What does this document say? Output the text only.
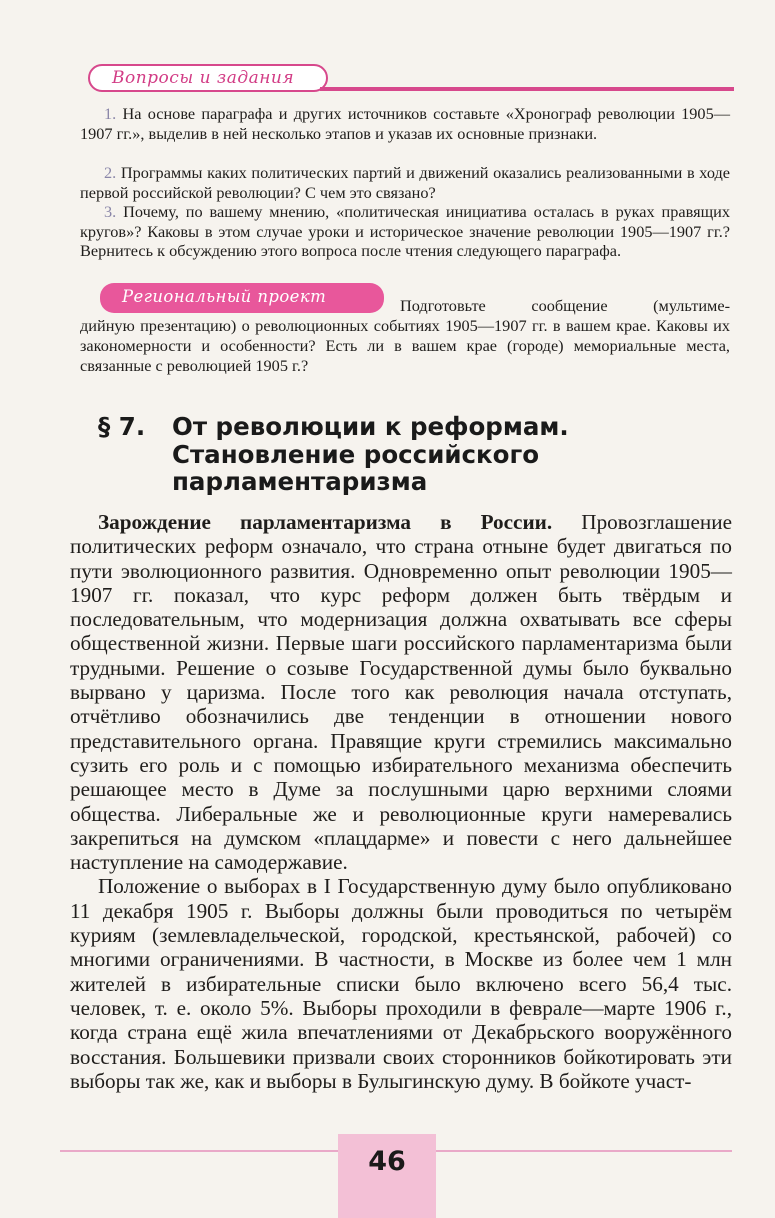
Вопросы и задания
1. На основе параграфа и других источников составьте «Хронограф революции 1905—1907 гг.», выделив в ней несколько этапов и указав их основные признаки.
2. Программы каких политических партий и движений оказались реализованными в ходе первой российской революции? С чем это связано?
3. Почему, по вашему мнению, «политическая инициатива осталась в руках правящих кругов»? Каковы в этом случае уроки и историческое значение революции 1905—1907 гг.? Вернитесь к обсуждению этого вопроса после чтения следующего параграфа.
Региональный проект	Подготовьте сообщение (мультиме-
дийную презентацию) о революционных событиях 1905—1907 гг. в вашем крае. Каковы их закономерности и особенности? Есть ли в вашем крае (городе) мемориальные места, связанные с революцией 1905 г.?
§ 7. От революции к реформам.
Становление российского
парламентаризма

Зарождение парламентаризма в России. Провозглашение политических реформ означало, что страна отныне будет двигаться по пути эволюционного развития. Одновременно опыт революции 1905—1907 гг. показал, что курс реформ должен быть твёрдым и последовательным, что модернизация должна охватывать все сферы общественной жизни. Первые шаги российского парламентаризма были трудными. Решение о созыве Государственной думы было буквально вырвано у царизма. После того как революция начала отступать, отчётливо обозначились две тенденции в отношении нового представительного органа. Правящие круги стремились максимально сузить его роль и с помощью избирательного механизма обеспечить решающее место в Думе за послушными царю верхними слоями общества. Либеральные же и революционные круги намеревались закрепиться на думском «плацдарме» и повести с него дальнейшее наступление на самодержавие.

Положение о выборах в I Государственную думу было опубликовано 11 декабря 1905 г. Выборы должны были проводиться по четырём куриям (землевладельческой, городской, крестьянской, рабочей) со многими ограничениями. В частности, в Москве из более чем 1 млн жителей в избирательные списки было включено всего 56,4 тыс. человек, т. е. около 5%. Выборы проходили в феврале—марте 1906 г., когда страна ещё жила впечатлениями от Декабрьского вооружённого восстания. Большевики призвали своих сторонников бойкотировать эти выборы так же, как и выборы в Булыгинскую думу. В бойкоте участ-

46
